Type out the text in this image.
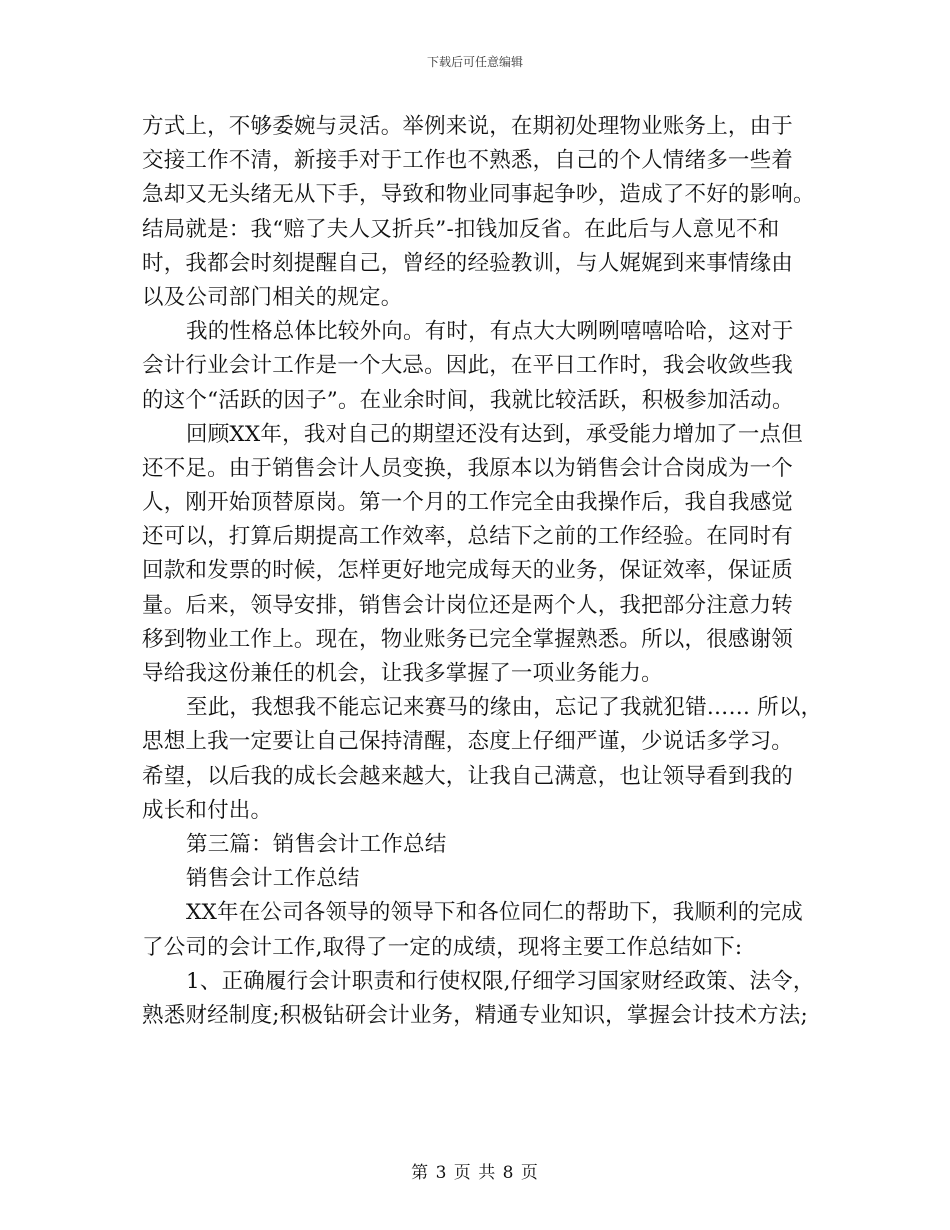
下载后可任意编辑
方式上，不够委婉与灵活。举例来说，在期初处理物业账务上，由于
交接工作不清，新接手对于工作也不熟悉，自己的个人情绪多一些着
急却又无头绪无从下手，导致和物业同事起争吵，造成了不好的影响。
结局就是：我“赔了夫人又折兵”-扣钱加反省。在此后与人意见不和
时，我都会时刻提醒自己，曾经的经验教训，与人娓娓到来事情缘由
以及公司部门相关的规定。
我的性格总体比较外向。有时，有点大大咧咧嘻嘻哈哈，这对于
会计行业会计工作是一个大忌。因此，在平日工作时，我会收敛些我
的这个“活跃的因子”。在业余时间，我就比较活跃，积极参加活动。
回顾XX年，我对自己的期望还没有达到，承受能力增加了一点但
还不足。由于销售会计人员变换，我原本以为销售会计合岗成为一个
人，刚开始顶替原岗。第一个月的工作完全由我操作后，我自我感觉
还可以，打算后期提高工作效率，总结下之前的工作经验。在同时有
回款和发票的时候，怎样更好地完成每天的业务，保证效率，保证质
量。后来，领导安排，销售会计岗位还是两个人，我把部分注意力转
移到物业工作上。现在，物业账务已完全掌握熟悉。所以，很感谢领
导给我这份兼任的机会，让我多掌握了一项业务能力。
至此，我想我不能忘记来赛马的缘由，忘记了我就犯错…… 所以，
思想上我一定要让自己保持清醒，态度上仔细严谨，少说话多学习。
希望，以后我的成长会越来越大，让我自己满意，也让领导看到我的
成长和付出。
第三篇：销售会计工作总结
销售会计工作总结
XX年在公司各领导的领导下和各位同仁的帮助下，我顺利的完成
了公司的会计工作,取得了一定的成绩，现将主要工作总结如下:
1、正确履行会计职责和行使权限,仔细学习国家财经政策、法令，
熟悉财经制度;积极钻研会计业务，精通专业知识，掌握会计技术方法;
第 3 页 共 8 页
